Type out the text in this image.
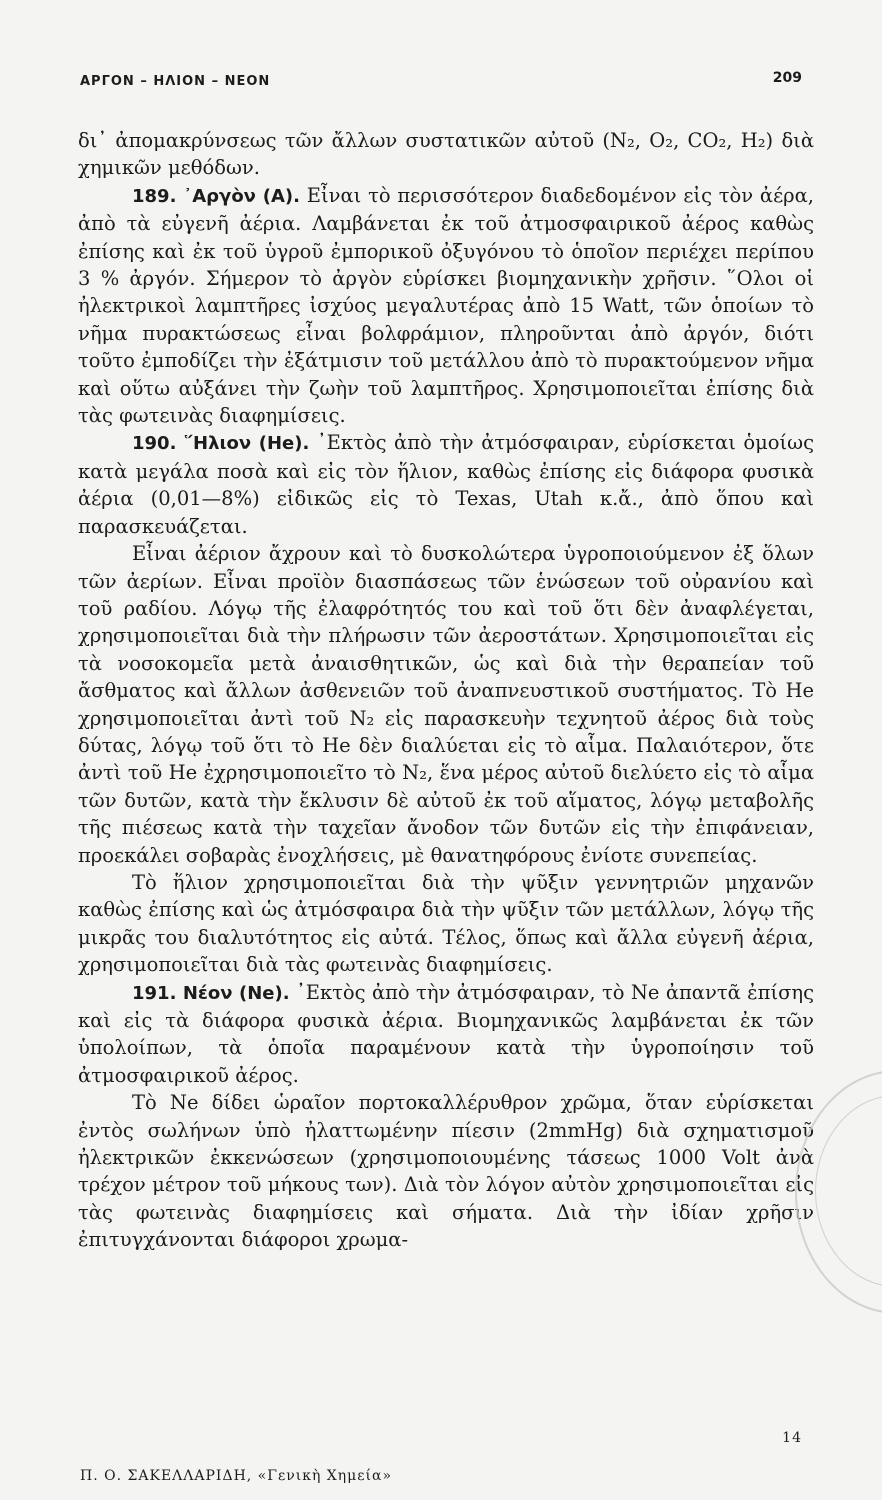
ΑΡΓΟΝ – ΗΛΙΟΝ – ΝΕΟΝ	209

δι᾽ ἀπομακρύνσεως τῶν ἄλλων συστατικῶν αὐτοῦ (N₂, O₂, CO₂, H₂) διὰ χημικῶν μεθόδων.

189. ᾽Αργὸν (Α). Εἶναι τὸ περισσότερον διαδεδομένον εἰς τὸν ἀέρα, ἀπὸ τὰ εὐγενῆ ἀέρια. Λαμβάνεται ἐκ τοῦ ἀτμοσφαιρικοῦ ἀέρος καθὼς ἐπίσης καὶ ἐκ τοῦ ὑγροῦ ἐμπορικοῦ ὀξυγόνου τὸ ὁποῖον περιέχει περίπου 3 % ἀργόν. Σήμερον τὸ ἀργὸν εὑρίσκει βιομηχανικὴν χρῆσιν. ῞Ολοι οἱ ἠλεκτρικοὶ λαμπτῆρες ἰσχύος μεγαλυτέρας ἀπὸ 15 Watt, τῶν ὁποίων τὸ νῆμα πυρακτώσεως εἶναι βολφράμιον, πληροῦνται ἀπὸ ἀργόν, διότι τοῦτο ἐμποδίζει τὴν ἐξάτμισιν τοῦ μετάλλου ἀπὸ τὸ πυρακτούμενον νῆμα καὶ οὕτω αὐξάνει τὴν ζωὴν τοῦ λαμπτῆρος. Χρησιμοποιεῖται ἐπίσης διὰ τὰς φωτεινὰς διαφημίσεις.

190. ῞Ηλιον (He). ᾽Εκτὸς ἀπὸ τὴν ἀτμόσφαιραν, εὑρίσκεται ὁμοίως κατὰ μεγάλα ποσὰ καὶ εἰς τὸν ἥλιον, καθὼς ἐπίσης εἰς διάφορα φυσικὰ ἀέρια (0,01—8%) εἰδικῶς εἰς τὸ Texas, Utah κ.ἄ., ἀπὸ ὅπου καὶ παρασκευάζεται.

Εἶναι ἀέριον ἄχρουν καὶ τὸ δυσκολώτερα ὑγροποιούμενον ἐξ ὅλων τῶν ἀερίων. Εἶναι προϊὸν διασπάσεως τῶν ἑνώσεων τοῦ οὐρανίου καὶ τοῦ ραδίου. Λόγῳ τῆς ἐλαφρότητός του καὶ τοῦ ὅτι δὲν ἀναφλέγεται, χρησιμοποιεῖται διὰ τὴν πλήρωσιν τῶν ἀεροστάτων. Χρησιμοποιεῖται εἰς τὰ νοσοκομεῖα μετὰ ἀναισθητικῶν, ὡς καὶ διὰ τὴν θεραπείαν τοῦ ἄσθματος καὶ ἄλλων ἀσθενειῶν τοῦ ἀναπνευστικοῦ συστήματος. Τὸ He χρησιμοποιεῖται ἀντὶ τοῦ N₂ εἰς παρασκευὴν τεχνητοῦ ἀέρος διὰ τοὺς δύτας, λόγῳ τοῦ ὅτι τὸ He δὲν διαλύεται εἰς τὸ αἷμα. Παλαιότερον, ὅτε ἀντὶ τοῦ He ἐχρησιμοποιεῖτο τὸ N₂, ἕνα μέρος αὐτοῦ διελύετο εἰς τὸ αἷμα τῶν δυτῶν, κατὰ τὴν ἔκλυσιν δὲ αὐτοῦ ἐκ τοῦ αἵματος, λόγῳ μεταβολῆς τῆς πιέσεως κατὰ τὴν ταχεῖαν ἄνοδον τῶν δυτῶν εἰς τὴν ἐπιφάνειαν, προεκάλει σοβαρὰς ἐνοχλήσεις, μὲ θανατηφόρους ἐνίοτε συνεπείας.

Τὸ ἥλιον χρησιμοποιεῖται διὰ τὴν ψῦξιν γεννητριῶν μηχανῶν καθὼς ἐπίσης καὶ ὡς ἀτμόσφαιρα διὰ τὴν ψῦξιν τῶν μετάλλων, λόγῳ τῆς μικρᾶς του διαλυτότητος εἰς αὐτά. Τέλος, ὅπως καὶ ἄλλα εὐγενῆ ἀέρια, χρησιμοποιεῖται διὰ τὰς φωτεινὰς διαφημίσεις.

191. Νέον (Ne). ᾽Εκτὸς ἀπὸ τὴν ἀτμόσφαιραν, τὸ Ne ἀπαντᾶ ἐπίσης καὶ εἰς τὰ διάφορα φυσικὰ ἀέρια. Βιομηχανικῶς λαμβάνεται ἐκ τῶν ὑπολοίπων, τὰ ὁποῖα παραμένουν κατὰ τὴν ὑγροποίησιν τοῦ ἀτμοσφαιρικοῦ ἀέρος.

Τὸ Ne δίδει ὡραῖον πορτοκαλλέρυθρον χρῶμα, ὅταν εὑρίσκεται ἐντὸς σωλήνων ὑπὸ ἠλαττωμένην πίεσιν (2mmHg) διὰ σχηματισμοῦ ἠλεκτρικῶν ἐκκενώσεων (χρησιμοποιουμένης τάσεως 1000 Volt ἀνὰ τρέχον μέτρον τοῦ μήκους των). Διὰ τὸν λόγον αὐτὸν χρησιμοποιεῖται εἰς τὰς φωτεινὰς διαφημίσεις καὶ σήματα. Διὰ τὴν ἰδίαν χρῆσιν ἐπιτυγχάνονται διάφοροι χρωμα-

14
Π. Ο. ΣΑΚΕΛΛΑΡΙΔΗ, «Γενικὴ Χημεία»
